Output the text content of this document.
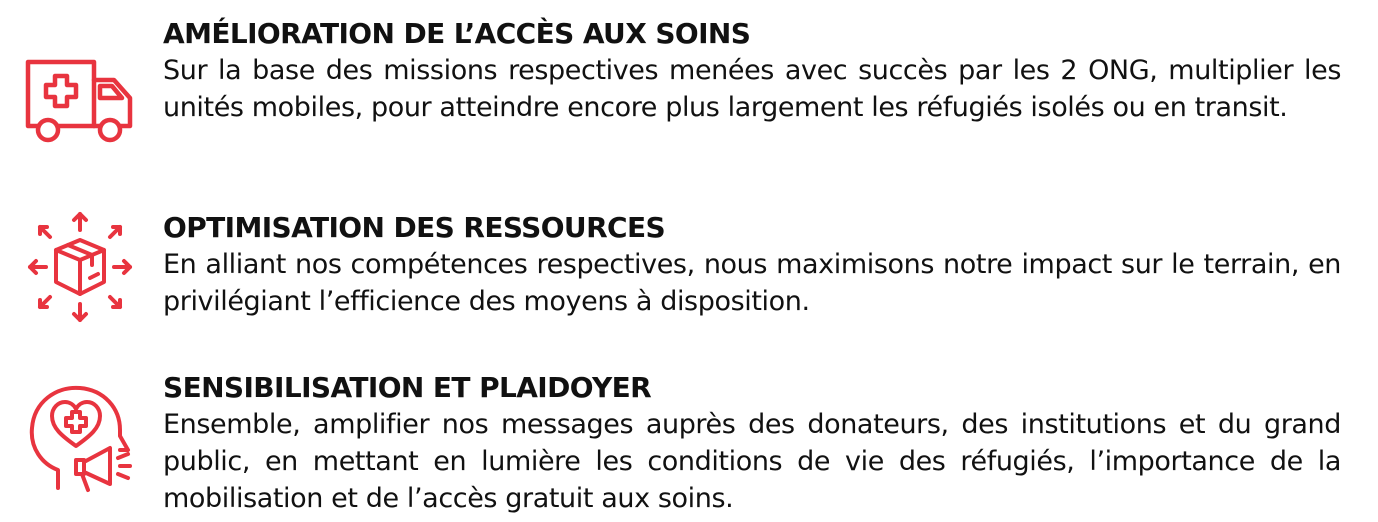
AMÉLIORATION DE L’ACCÈS AUX SOINS

Sur la base des missions respectives menées avec succès par les 2 ONG, multiplier les unités mobiles, pour atteindre encore plus largement les réfugiés isolés ou en transit.

OPTIMISATION DES RESSOURCES

En alliant nos compétences respectives, nous maximisons notre impact sur le terrain, en privilégiant l’efficience des moyens à disposition.

SENSIBILISATION ET PLAIDOYER

Ensemble, amplifier nos messages auprès des donateurs, des institutions et du grand public, en mettant en lumière les conditions de vie des réfugiés, l’importance de la mobilisation et de l’accès gratuit aux soins.
